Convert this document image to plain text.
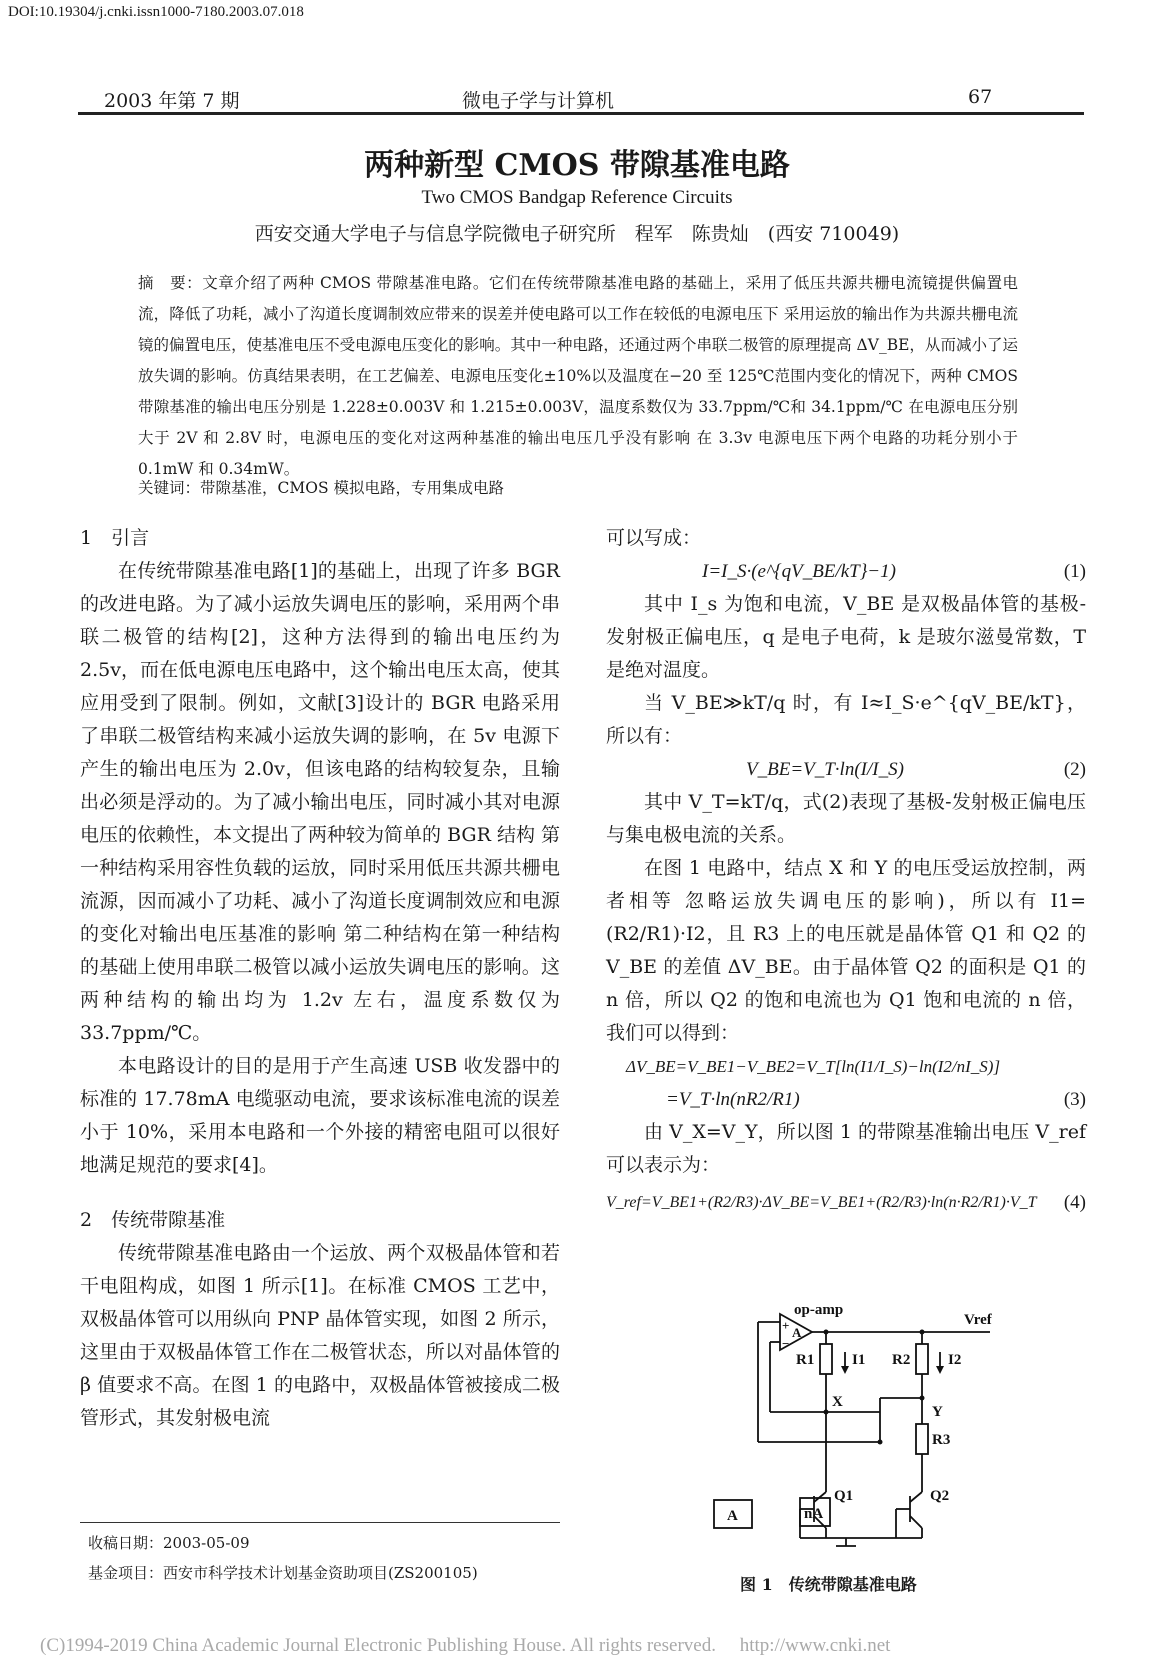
DOI:10.19304/j.cnki.issn1000-7180.2003.07.018
2003 年第 7 期	微电子学与计算机	67
两种新型 CMOS 带隙基准电路
Two CMOS Bandgap Reference Circuits
西安交通大学电子与信息学院微电子研究所　程军　陈贵灿　(西安 710049)

摘　要：文章介绍了两种 CMOS 带隙基准电路。它们在传统带隙基准电路的基础上，采用了低压共源共栅电流镜提供偏置电流，降低了功耗，减小了沟道长度调制效应带来的误差并使电路可以工作在较低的电源电压下 采用运放的输出作为共源共栅电流镜的偏置电压，使基准电压不受电源电压变化的影响。其中一种电路，还通过两个串联二极管的原理提高 ΔV_BE，从而减小了运放失调的影响。仿真结果表明，在工艺偏差、电源电压变化±10%以及温度在−20 至 125℃范围内变化的情况下，两种 CMOS 带隙基准的输出电压分别是 1.228±0.003V 和 1.215±0.003V，温度系数仅为 33.7ppm/℃和 34.1ppm/℃ 在电源电压分别大于 2V 和 2.8V 时，电源电压的变化对这两种基准的输出电压几乎没有影响 在 3.3v 电源电压下两个电路的功耗分别小于 0.1mW 和 0.34mW。

关键词：带隙基准，CMOS 模拟电路，专用集成电路

1　引言

在传统带隙基准电路[1]的基础上，出现了许多 BGR 的改进电路。为了减小运放失调电压的影响，采用两个串联二极管的结构[2]，这种方法得到的输出电压约为 2.5v，而在低电源电压电路中，这个输出电压太高，使其应用受到了限制。例如，文献[3]设计的 BGR 电路采用了串联二极管结构来减小运放失调的影响，在 5v 电源下产生的输出电压为 2.0v，但该电路的结构较复杂，且输出必须是浮动的。为了减小输出电压，同时减小其对电源电压的依赖性，本文提出了两种较为简单的 BGR 结构 第一种结构采用容性负载的运放，同时采用低压共源共栅电流源，因而减小了功耗、减小了沟道长度调制效应和电源的变化对输出电压基准的影响 第二种结构在第一种结构的基础上使用串联二极管以减小运放失调电压的影响。这两种结构的输出均为 1.2v 左右，温度系数仅为 33.7ppm/℃。

本电路设计的目的是用于产生高速 USB 收发器中的标准的 17.78mA 电缆驱动电流，要求该标准电流的误差小于 10%，采用本电路和一个外接的精密电阻可以很好地满足规范的要求[4]。

2　传统带隙基准

传统带隙基准电路由一个运放、两个双极晶体管和若干电阻构成，如图 1 所示[1]。在标准 CMOS 工艺中，双极晶体管可以用纵向 PNP 晶体管实现，如图 2 所示，这里由于双极晶体管工作在二极管状态，所以对晶体管的 β 值要求不高。在图 1 的电路中，双极晶体管被接成二极管形式，其发射极电流

可以写成：

I=I_S·(e^{qV_BE/kT}−1)	(1)

其中 I_s 为饱和电流，V_BE 是双极晶体管的基极-发射极正偏电压，q 是电子电荷，k 是玻尔滋曼常数，T 是绝对温度。

当 V_BE≫kT/q 时，有 I≈I_S·e^{qV_BE/kT}，所以有：

V_BE=V_T·ln(I/I_S)	(2)

其中 V_T=kT/q，式(2)表现了基极-发射极正偏电压与集电极电流的关系。

在图 1 电路中，结点 X 和 Y 的电压受运放控制，两者相等 忽略运放失调电压的影响)，所以有 I1=(R2/R1)·I2，且 R3 上的电压就是晶体管 Q1 和 Q2 的 V_BE 的差值 ΔV_BE。由于晶体管 Q2 的面积是 Q1 的 n 倍，所以 Q2 的饱和电流也为 Q1 饱和电流的 n 倍，我们可以得到：

ΔV_BE=V_BE1−V_BE2=V_T[ln(I1/I_S)−ln(I2/nI_S)]
=V_T·ln(nR2/R1)	(3)

由 V_X=V_Y，所以图 1 的带隙基准输出电压 V_ref 可以表示为：

V_ref=V_BE1+(R2/R3)·ΔV_BE=V_BE1+(R2/R3)·ln(n·R2/R1)·V_T (4)
op-amp
+
−
A
Vref
R1	I1 R2	I2
X
Y
R3
Q1	Q2
A	nA
图 1　传统带隙基准电路
收稿日期：2003-05-09
基金项目：西安市科学技术计划基金资助项目(ZS200105)
(C)1994-2019 China Academic Journal Electronic Publishing House. All rights reserved.　 http://www.cnki.net
